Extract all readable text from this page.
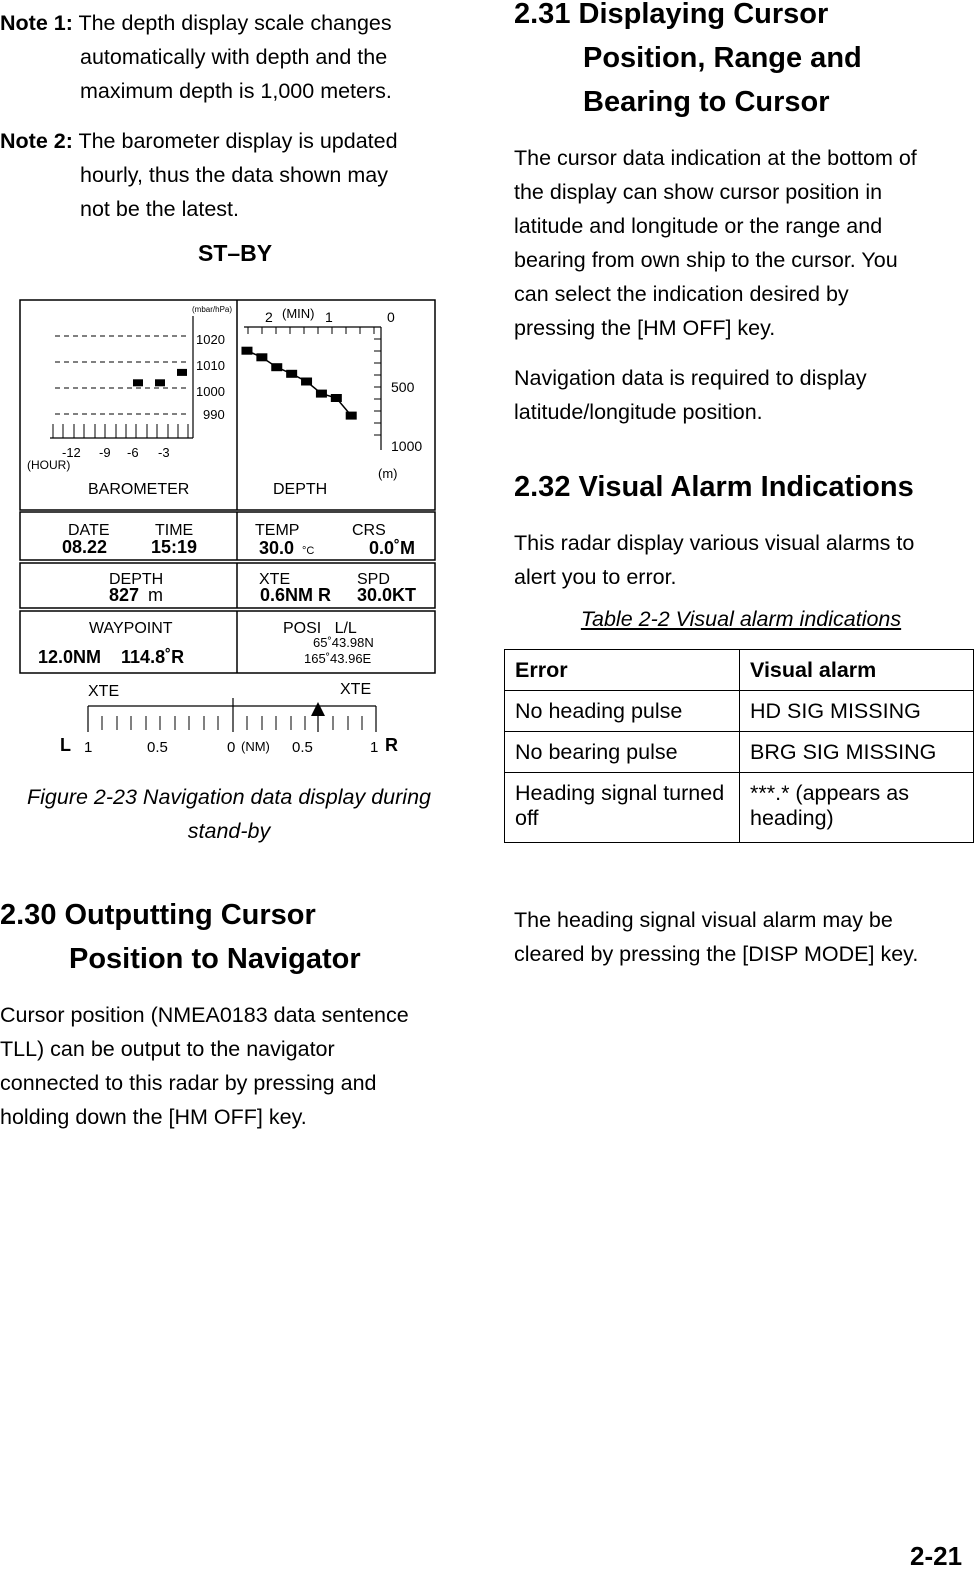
Note 1: The depth display scale changes

automatically with depth and the

maximum depth is 1,000 meters.

Note 2: The barometer display is updated

hourly, thus the data shown may

not be the latest.

ST–BY
(mbar/hPa)
1020
1010
1000
990
-12 -9 -6 -3
(HOUR)
BAROMETER
2 (MIN) 1	0
500
1000
(m)
DEPTH
DATE
08.22
TIME
15:19
TEMP
30.0 °C
CRS
0.0˚M
DEPTH
827 m
XTE
0.6NM R
SPD
30.0KT
WAYPOINT
12.0NM    114.8˚R
POSI   L/L
65˚43.98N
165˚43.96E
XTE	XTE
L 1	0.5	0 (NM) 0.5	1 R
Figure 2-23 Navigation data display during
stand-by

2.30 Outputting Cursor

Position to Navigator

Cursor position (NMEA0183 data sentence

TLL) can be output to the navigator

connected to this radar by pressing and

holding down the [HM OFF] key.

2.31 Displaying Cursor

Position, Range and

Bearing to Cursor

The cursor data indication at the bottom of

the display can show cursor position in

latitude and longitude or the range and

bearing from own ship to the cursor. You

can select the indication desired by

pressing the [HM OFF] key.

Navigation data is required to display

latitude/longitude position.

2.32 Visual Alarm Indications

This radar display various visual alarms to

alert you to error.

Table 2-2 Visual alarm indications
Error	Visual alarm
No heading pulse	HD SIG MISSING
No bearing pulse	BRG SIG MISSING
Heading signal turned off	***.* (appears as heading)

The heading signal visual alarm may be

cleared by pressing the [DISP MODE] key.

2-21
